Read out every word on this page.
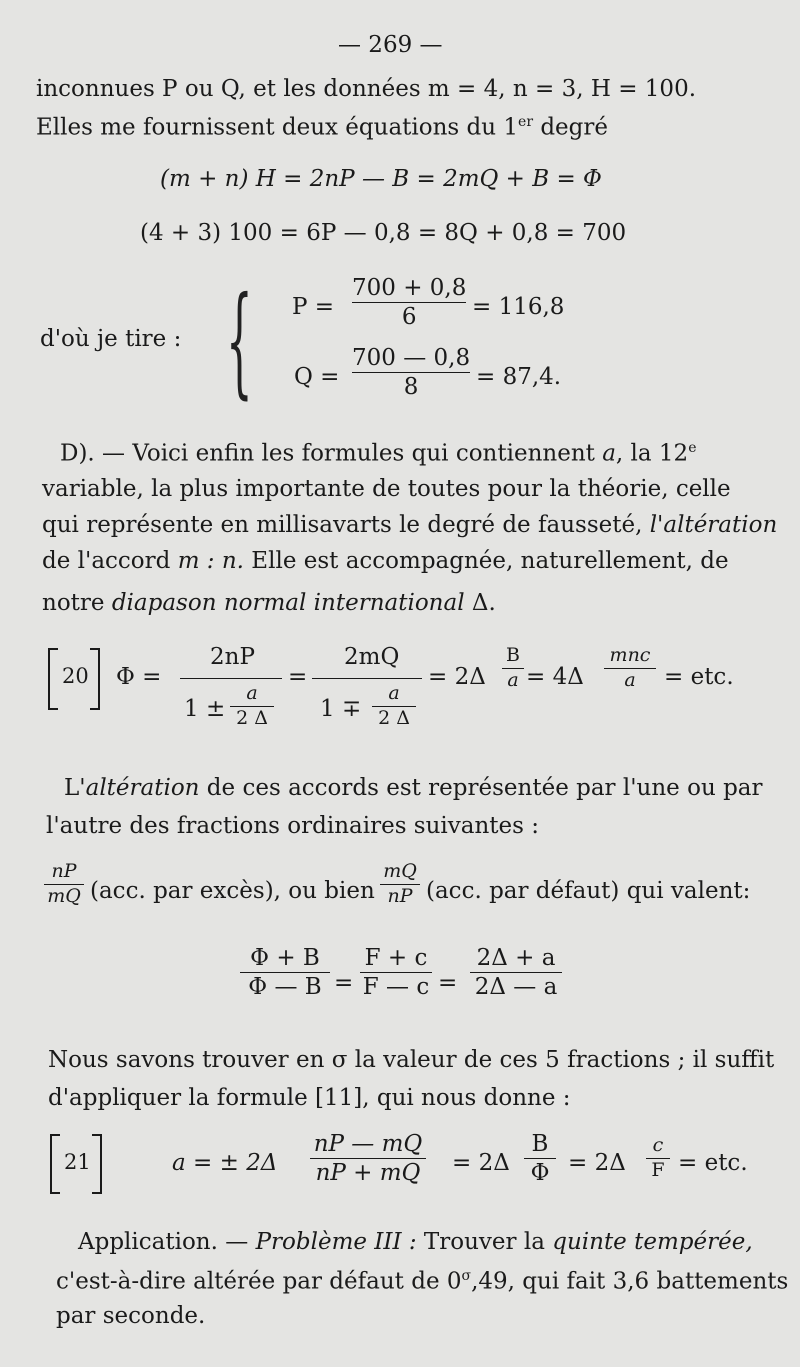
— 269 —
inconnues P ou Q, et les données m = 4, n = 3, H = 100.
Elles me fournissent deux équations du 1er degré
(m + n) H = 2nP — B = 2mQ + B = Φ
(4 + 3) 100 = 6P — 0,8 = 8Q + 0,8 = 700
d'où je tire : { P =
700 + 0,8
6 = 116,8
Q =
700 — 0,8
8	= 87,4.
D). — Voici enfin les formules qui contiennent a, la 12e
variable, la plus importante de toutes pour la théorie, celle
qui représente en millisavarts le degré de fausseté, l'altération
de l'accord m : n. Elle est accompagnée, naturellement, de
notre diapason normal international Δ.
20 Φ =
2nP
1 ±
a
2 Δ
=
2mQ
1 ∓
a
2 Δ
= 2Δ
B
a = 4Δ
mnc
a = etc.
L'altération de ces accords est représentée par l'une ou par
l'autre des fractions ordinaires suivantes :
nP
mQ (acc. par excès), ou bien
mQ
nP (acc. par défaut) qui valent:
Φ + B
Φ — B =
F + c
F — c =
2Δ + a
2Δ — a
Nous savons trouver en σ la valeur de ces 5 fractions ; il suffit
d'appliquer la formule [11], qui nous donne :
21	a = ± 2Δ
nP — mQ
nP + mQ = 2Δ
B
Φ = 2Δ
c
F = etc.
Application. — Problème III : Trouver la quinte tempérée,
c'est-à-dire altérée par défaut de $0^\sigma,49$, qui fait 3,6 battements
par seconde.
